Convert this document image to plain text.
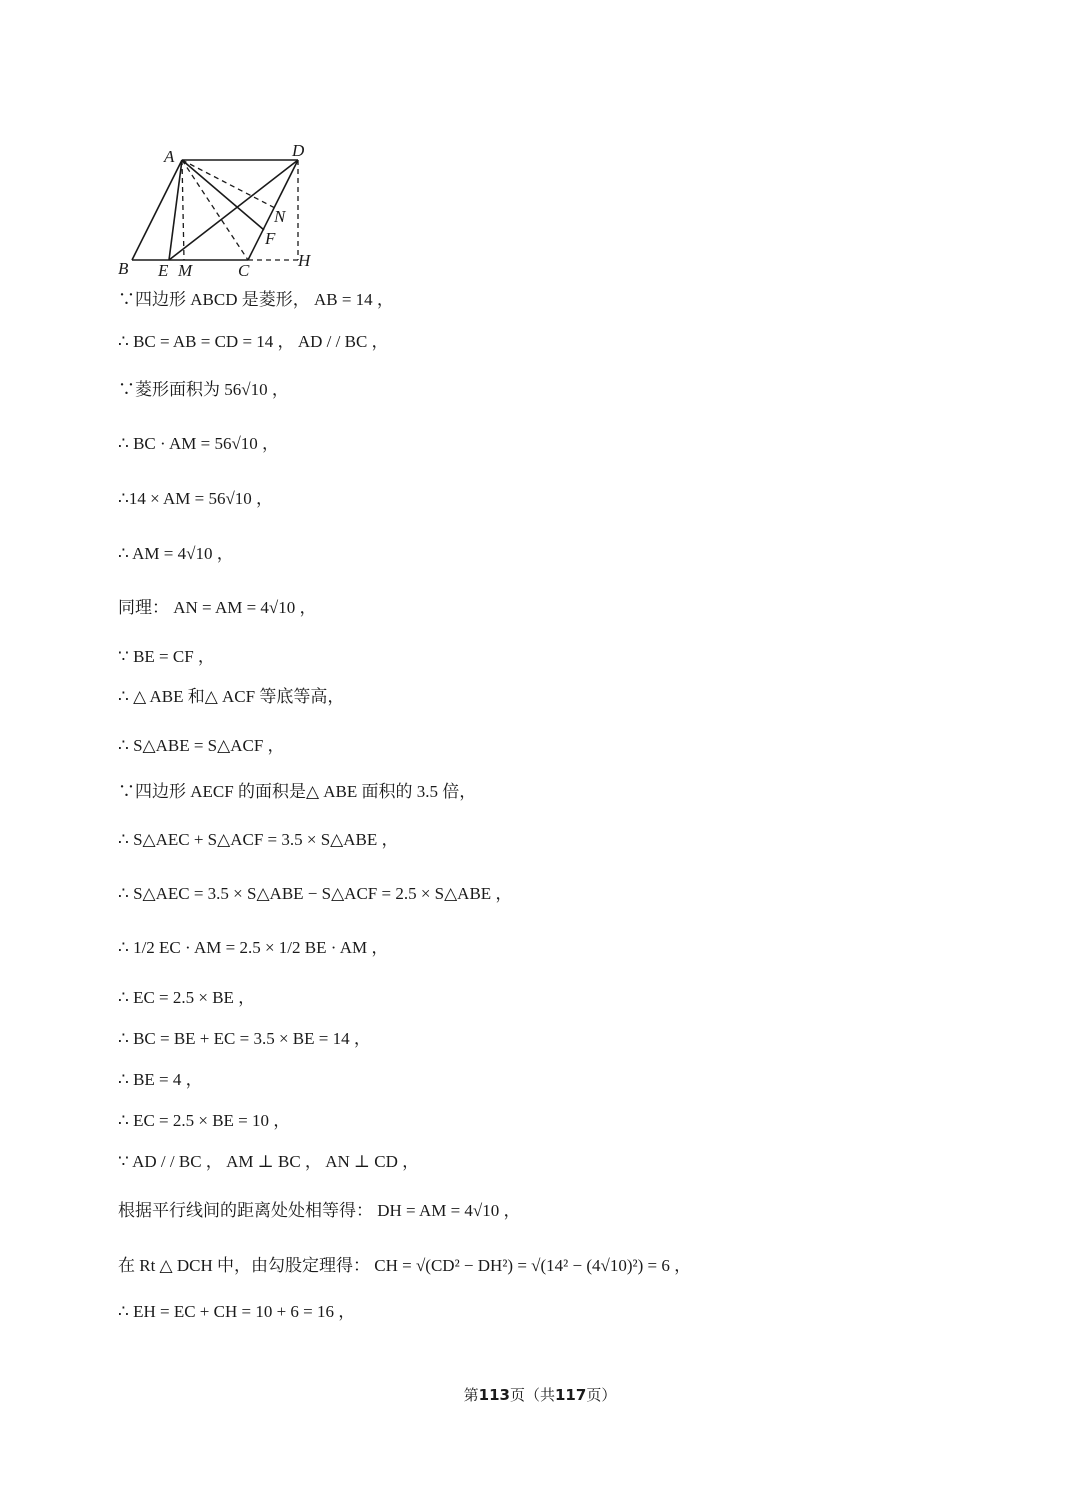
A	D
N
F
B E M	C
H
∵四边形 ABCD 是菱形， AB = 14 ，
∴ BC = AB = CD = 14 ， AD / / BC ，
∵菱形面积为 56√10 ，
∴ BC · AM = 56√10 ，
∴14 × AM = 56√10 ，
∴ AM = 4√10 ，
同理： AN = AM = 4√10 ，
∵ BE = CF ，
∴ △ ABE 和△ ACF 等底等高，
∴ S△ABE = S△ACF ，
∵四边形 AECF 的面积是△ ABE 面积的 3.5 倍，
∴ S△AEC + S△ACF = 3.5 × S△ABE ，
∴ S△AEC = 3.5 × S△ABE − S△ACF = 2.5 × S△ABE ，
∴ 1/2 EC · AM = 2.5 × 1/2 BE · AM ，
∴ EC = 2.5 × BE ，
∴ BC = BE + EC = 3.5 × BE = 14 ，
∴ BE = 4 ，
∴ EC = 2.5 × BE = 10 ，
∵ AD / / BC ， AM ⊥ BC ， AN ⊥ CD ，
根据平行线间的距离处处相等得： DH = AM = 4√10 ，
在 Rt △ DCH 中，由勾股定理得： CH = √(CD² − DH²) = √(14² − (4√10)²) = 6 ，
∴ EH = EC + CH = 10 + 6 = 16 ，
第113页（共117页）
